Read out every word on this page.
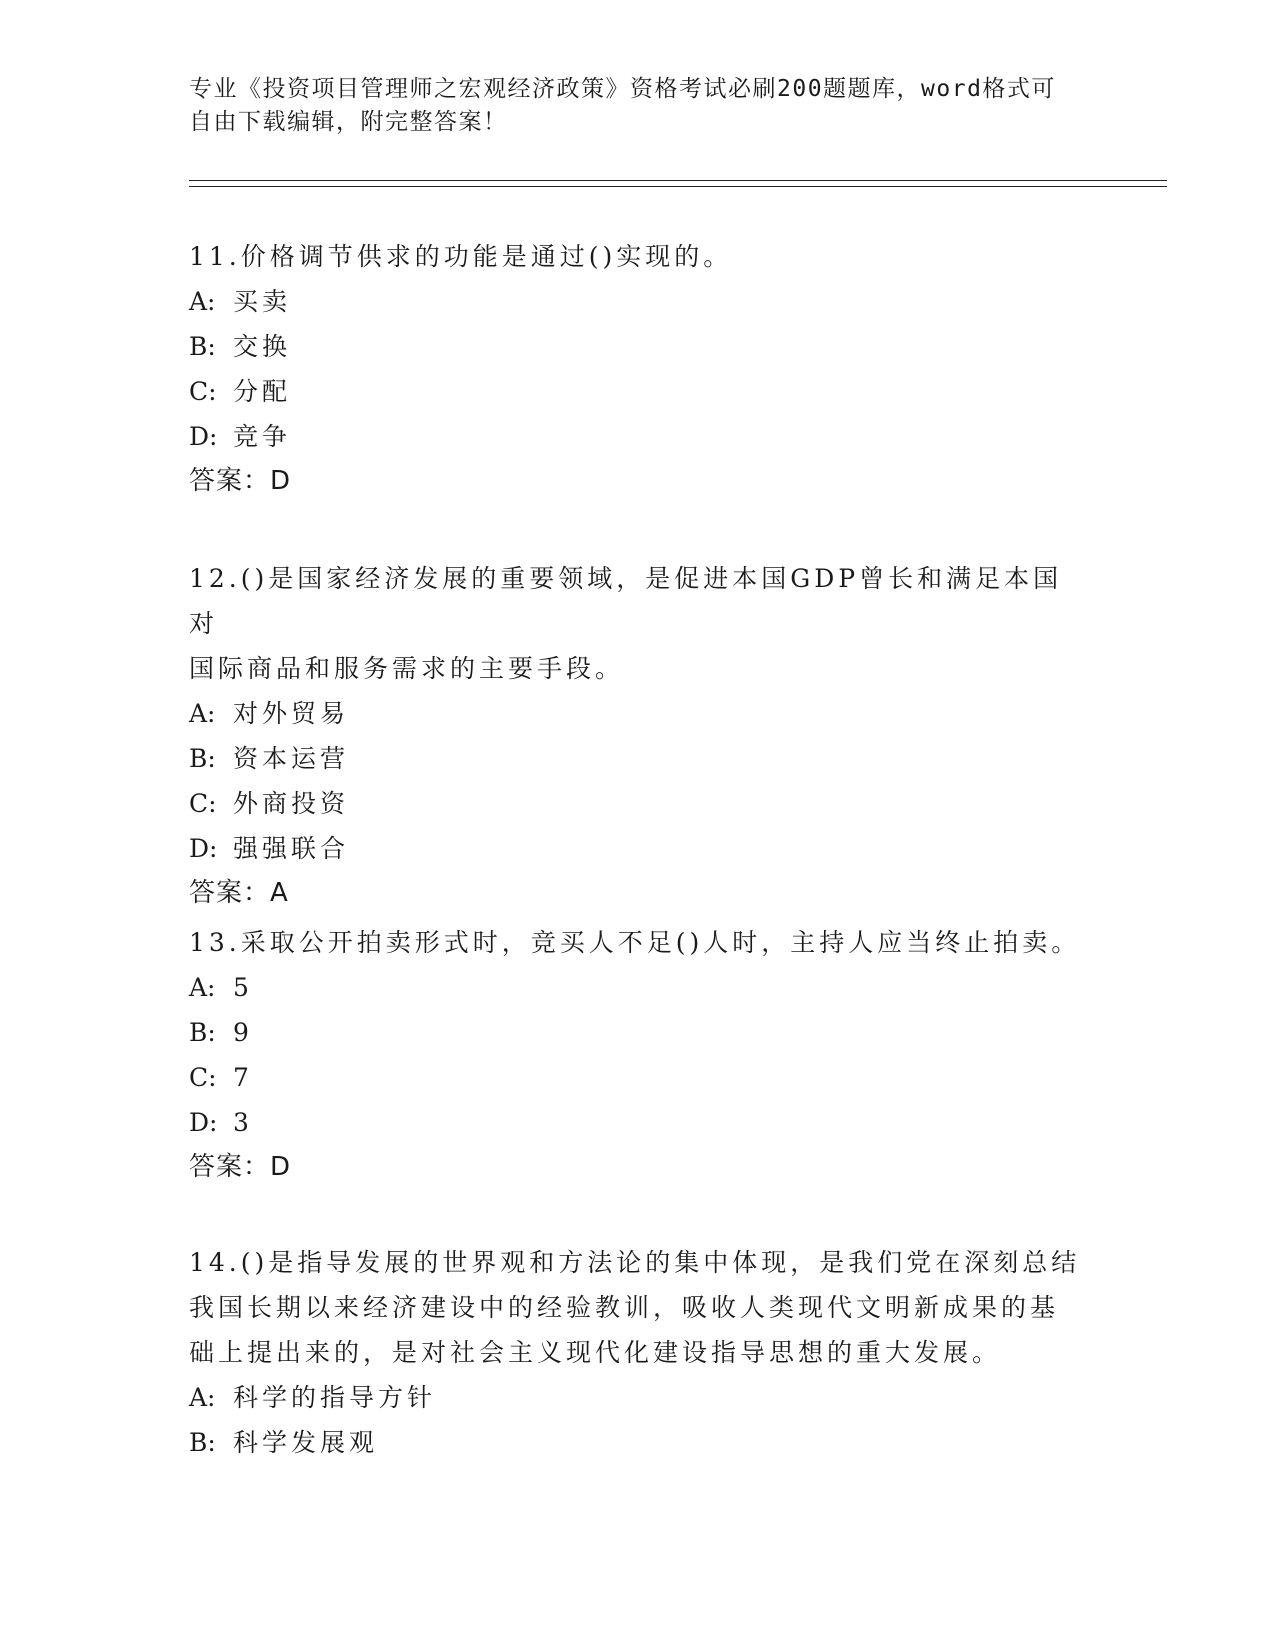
专业《投资项目管理师之宏观经济政策》资格考试必刷200题题库，word格式可
自由下载编辑，附完整答案！

11.价格调节供求的功能是通过()实现的。

A: 买卖

B: 交换

C: 分配

D: 竞争

答案：D

12.()是国家经济发展的重要领域，是促进本国GDP曾长和满足本国对

国际商品和服务需求的主要手段。

A: 对外贸易

B: 资本运营

C: 外商投资

D: 强强联合

答案：A

13.采取公开拍卖形式时，竞买人不足()人时，主持人应当终止拍卖。

A: 5

B: 9

C: 7

D: 3

答案：D

14.()是指导发展的世界观和方法论的集中体现，是我们党在深刻总结

我国长期以来经济建设中的经验教训，吸收人类现代文明新成果的基

础上提出来的，是对社会主义现代化建设指导思想的重大发展。

A: 科学的指导方针

B: 科学发展观
